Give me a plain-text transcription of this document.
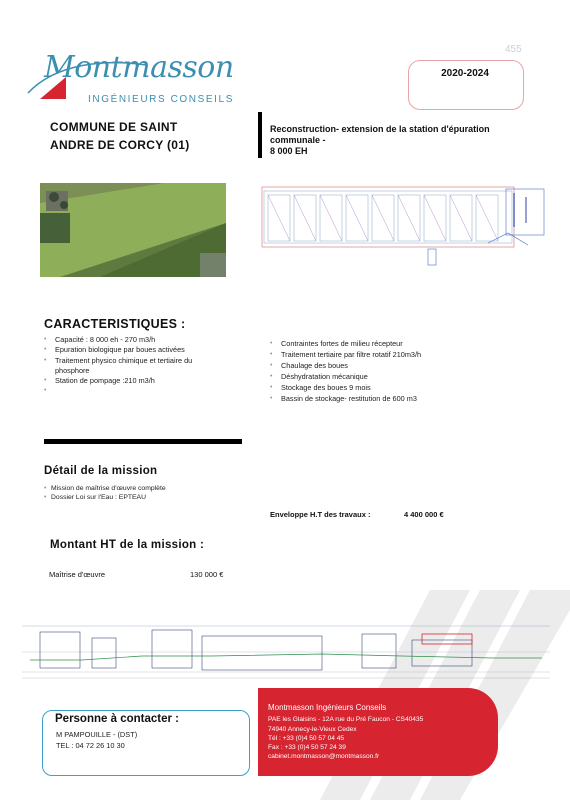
455
Montmasson
INGÉNIEURS CONSEILS
2020-2024
COMMUNE DE SAINT
ANDRE DE CORCY (01)
Reconstruction- extension de la station d'épuration
communale -
8 000 EH
CARACTERISTIQUES :
• Capacité : 8 000 eh - 270 m3/h
• Epuration biologique par boues activées
• Traitement physico chimique et tertiaire du phosphore
• Station de pompage :210 m3/h
• Contraintes fortes de milieu récepteur
• Traitement tertiaire par filtre rotatif 210m3/h
• Chaulage des boues
• Déshydratation mécanique
• Stockage des boues 9 mois
• Bassin de stockage- restitution de 600 m3
Détail de la mission
• Mission de maîtrise d'œuvre complète
• Dossier Loi sur l'Eau : EPTEAU
Enveloppe H.T des travaux :	4 400 000 €
Montant HT de la mission :
Maîtrise d'œuvre	130 000 €
Montmasson Ingénieurs Conseils
PAE les Glaisins - 12A rue du Pré Faucon - CS40435
74940 Annecy-le-Vieux Cedex
Tél : +33 (0)4 50 57 04 45
Fax : +33 (0)4 50 57 24 39
cabinet.montmasson@montmasson.fr
Personne à contacter :
M PAMPOUILLE - (DST)
TEL : 04 72 26 10 30
